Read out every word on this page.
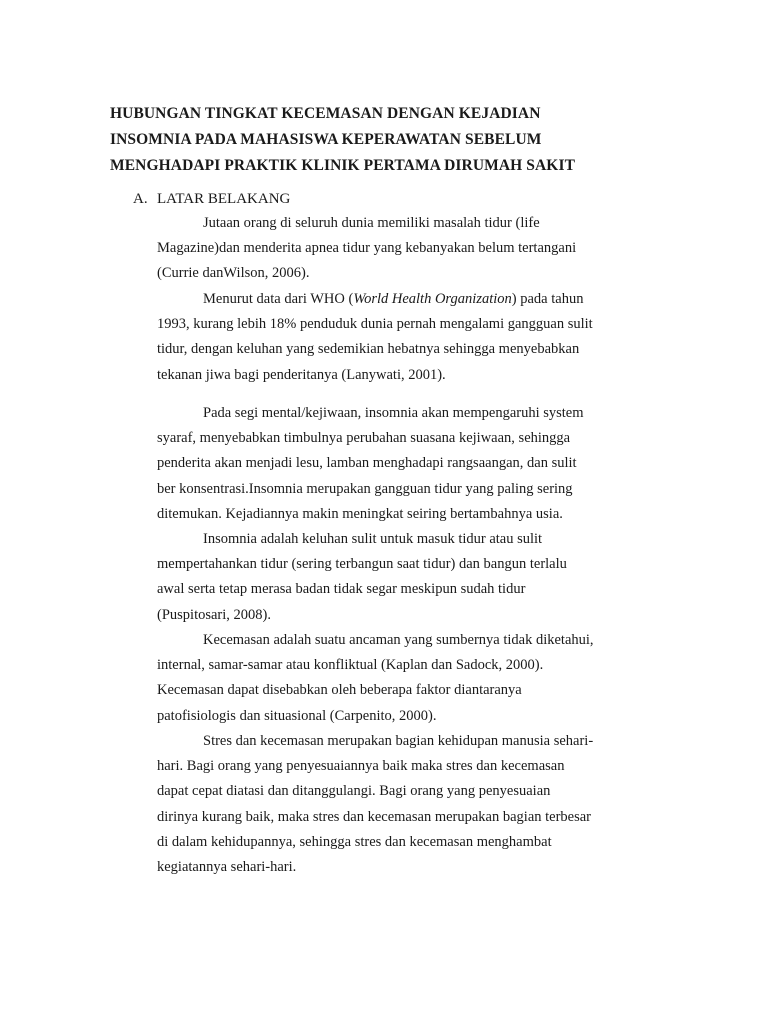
HUBUNGAN TINGKAT KECEMASAN DENGAN KEJADIAN
INSOMNIA PADA MAHASISWA KEPERAWATAN SEBELUM
MENGHADAPI PRAKTIK KLINIK PERTAMA DIRUMAH SAKIT
A. LATAR BELAKANG
Jutaan orang di seluruh dunia memiliki masalah tidur (life
Magazine)dan menderita apnea tidur yang kebanyakan belum tertangani
(Currie danWilson, 2006).
Menurut data dari WHO (World Health Organization) pada tahun
1993, kurang lebih 18% penduduk dunia pernah mengalami gangguan sulit
tidur, dengan keluhan yang sedemikian hebatnya sehingga menyebabkan
tekanan jiwa bagi penderitanya (Lanywati, 2001).
Pada segi mental/kejiwaan, insomnia akan mempengaruhi system
syaraf, menyebabkan timbulnya perubahan suasana kejiwaan, sehingga
penderita akan menjadi lesu, lamban menghadapi rangsaangan, dan sulit
ber konsentrasi.Insomnia merupakan gangguan tidur yang paling sering
ditemukan. Kejadiannya makin meningkat seiring bertambahnya usia.
Insomnia adalah keluhan sulit untuk masuk tidur atau sulit
mempertahankan tidur (sering terbangun saat tidur) dan bangun terlalu
awal serta tetap merasa badan tidak segar meskipun sudah tidur
(Puspitosari, 2008).
Kecemasan adalah suatu ancaman yang sumbernya tidak diketahui,
internal, samar-samar atau konfliktual (Kaplan dan Sadock, 2000).
Kecemasan dapat disebabkan oleh beberapa faktor diantaranya
patofisiologis dan situasional (Carpenito, 2000).
Stres dan kecemasan merupakan bagian kehidupan manusia sehari-
hari. Bagi orang yang penyesuaiannya baik maka stres dan kecemasan
dapat cepat diatasi dan ditanggulangi. Bagi orang yang penyesuaian
dirinya kurang baik, maka stres dan kecemasan merupakan bagian terbesar
di dalam kehidupannya, sehingga stres dan kecemasan menghambat
kegiatannya sehari-hari.
